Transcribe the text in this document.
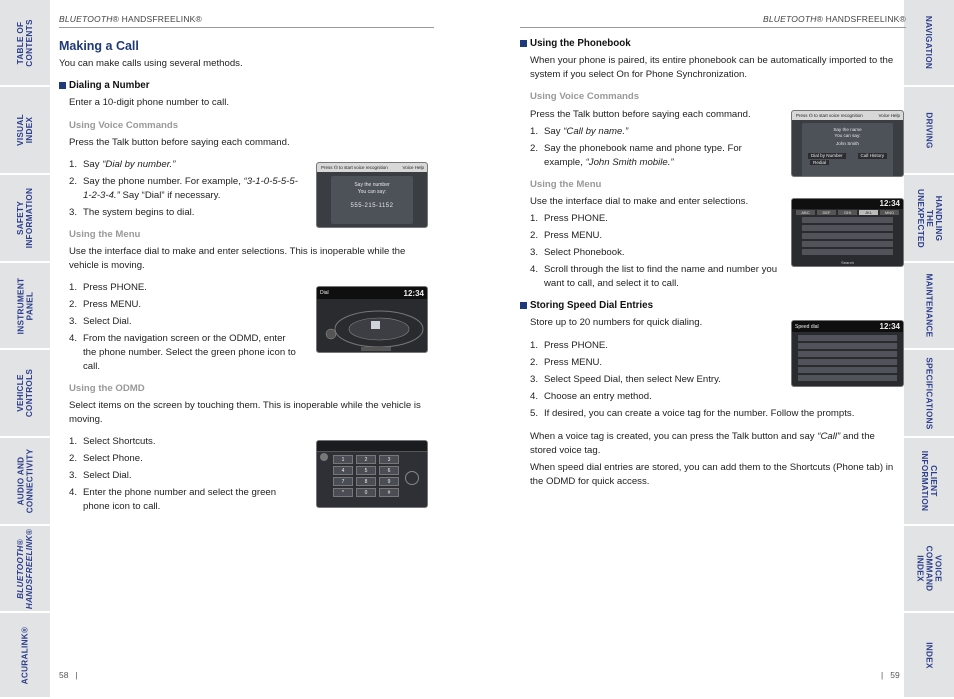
TABLE OF
CONTENTS
VISUAL INDEX
SAFETY
INFORMATION
INSTRUMENT
PANEL
VEHICLE
CONTROLS
AUDIO AND
CONNECTIVITY
BLUETOOTH®
HANDSFREELINK®
ACURALINK®
NAVIGATION
DRIVING
HANDLING THE
UNEXPECTED
MAINTENANCE
SPECIFICATIONS
CLIENT
INFORMATION
VOICE COMMAND
INDEX
INDEX
BLUETOOTH® HANDSFREELINK®	BLUETOOTH® HANDSFREELINK®
Making a Call
You can make calls using several methods.
Dialing a Number
Enter a 10-digit phone number to call.
Using Voice Commands
Press the Talk button before saying each command.
1. Say “Dial by number.”
2. Say the phone number. For example, “3-1-0-5-5-5-1-2-3-4.” Say “Dial” if necessary.
3. The system begins to dial.
Using the Menu
Use the interface dial to make and enter selections. This is inoperable while the vehicle is moving.
1. Press PHONE.
2. Press MENU.
3. Select Dial.
4. From the navigation screen or the ODMD, enter the phone number. Select the green phone icon to call.
Using the ODMD
Select items on the screen by touching them. This is inoperable while the vehicle is moving.
1. Select Shortcuts.
2. Select Phone.
3. Select Dial.
4. Enter the phone number and select the green phone icon to call.
Press ☊ to start voice recognition	Voice Help
Say the number
You can say:
555-215-1152
Dial	12:34
1	2	3
4	5	6
7	8	9
*	0	#
58   |
Using the Phonebook
When your phone is paired, its entire phonebook can be automatically imported to the system if you select On for Phone Synchronization.
Using Voice Commands
Press the Talk button before saying each command.
1. Say “Call by name.”
2. Say the phonebook name and phone type. For example, “John Smith mobile.”
Using the Menu
Use the interface dial to make and enter selections.
1. Press PHONE.
2. Press MENU.
3. Select Phonebook.
4. Scroll through the list to find the name and number you want to call, and select it to call.
Storing Speed Dial Entries
Store up to 20 numbers for quick dialing.
1. Press PHONE.
2. Press MENU.
3. Select Speed Dial, then select New Entry.
4. Choose an entry method.
5. If desired, you can create a voice tag for the number. Follow the prompts.
When a voice tag is created, you can press the Talk button and say “Call” and the stored voice tag.
When speed dial entries are stored, you can add them to the Shortcuts (Phone tab) in the ODMD for quick access.
Press ☊ to start voice recognition	Voice Help
Say the name
You can say:
John Smith
Dial by Number	Call History
Redial
12:34
ABC	DEF	GHI	JKL	MNO
Search
Speed dial	12:34
|   59
